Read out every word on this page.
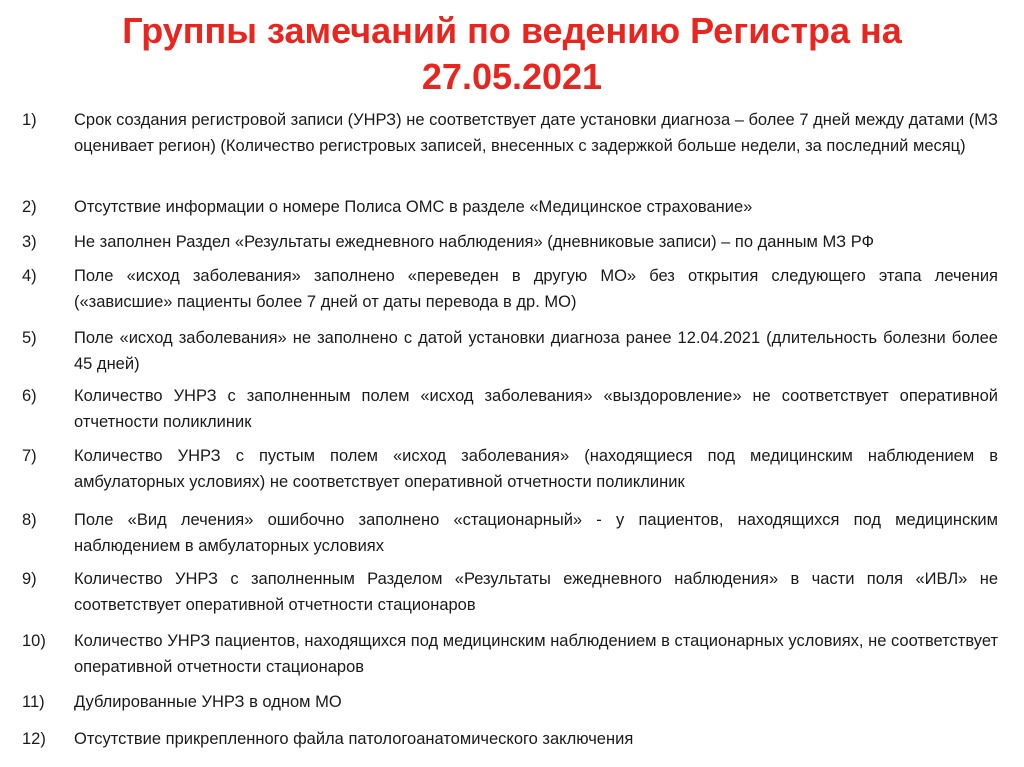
Группы замечаний по ведению Регистра на 27.05.2021
1) Срок создания регистровой записи (УНРЗ) не соответствует дате установки диагноза – более 7 дней между датами (МЗ оценивает регион) (Количество регистровых записей, внесенных с задержкой больше недели, за последний месяц)
2) Отсутствие информации о номере Полиса ОМС в разделе «Медицинское страхование»
3) Не заполнен Раздел «Результаты ежедневного наблюдения» (дневниковые записи) – по данным МЗ РФ
4) Поле «исход заболевания» заполнено «переведен в другую МО» без открытия следующего этапа лечения («зависшие» пациенты более 7 дней от даты перевода в др. МО)
5) Поле «исход заболевания» не заполнено с датой установки диагноза ранее 12.04.2021 (длительность болезни более 45 дней)
6) Количество УНРЗ с заполненным полем «исход заболевания» «выздоровление» не соответствует оперативной отчетности поликлиник
7) Количество УНРЗ с пустым полем «исход заболевания» (находящиеся под медицинским наблюдением в амбулаторных условиях) не соответствует оперативной отчетности поликлиник
8) Поле «Вид лечения» ошибочно заполнено «стационарный» - у пациентов, находящихся под медицинским наблюдением в амбулаторных условиях
9) Количество УНРЗ с заполненным Разделом «Результаты ежедневного наблюдения» в части поля «ИВЛ» не соответствует оперативной отчетности стационаров
10) Количество УНРЗ пациентов, находящихся под медицинским наблюдением в стационарных условиях, не соответствует оперативной отчетности стационаров
11) Дублированные УНРЗ в одном МО
12) Отсутствие прикрепленного файла патологоанатомического заключения
